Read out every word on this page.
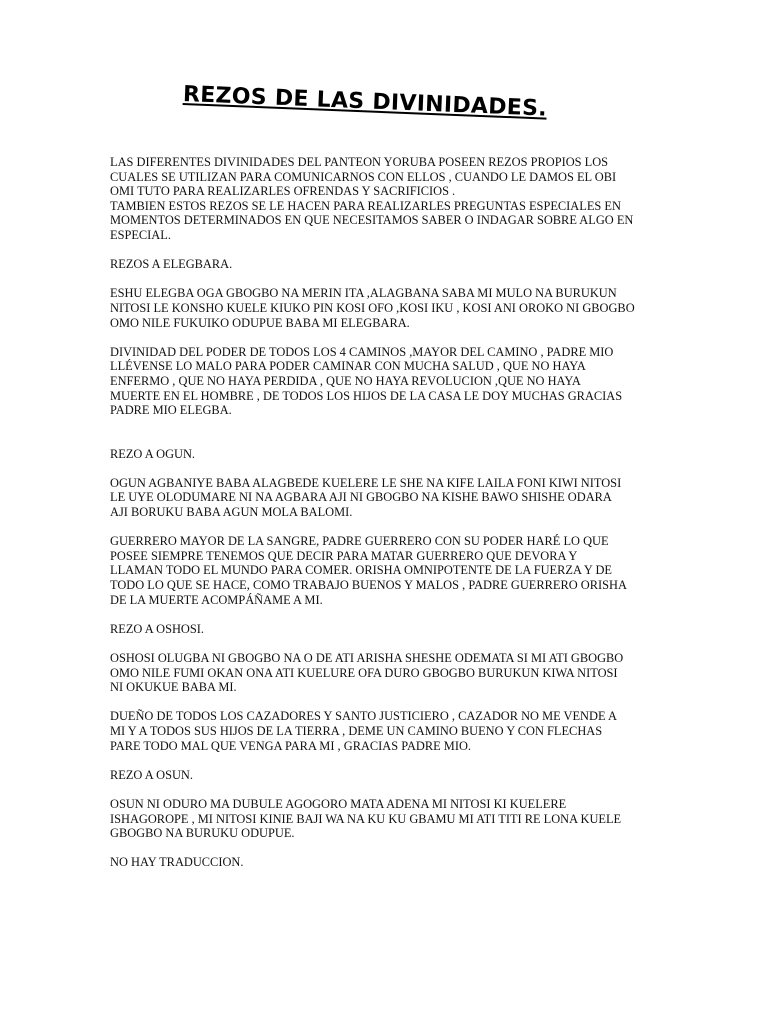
REZOS DE LAS DIVINIDADES.

LAS DIFERENTES DIVINIDADES DEL PANTEON YORUBA POSEEN REZOS PROPIOS LOS
CUALES SE UTILIZAN PARA COMUNICARNOS CON ELLOS , CUANDO LE DAMOS EL OBI
OMI TUTO PARA REALIZARLES OFRENDAS Y SACRIFICIOS .
TAMBIEN ESTOS REZOS SE LE HACEN PARA REALIZARLES PREGUNTAS ESPECIALES EN
MOMENTOS DETERMINADOS EN QUE NECESITAMOS SABER O INDAGAR SOBRE ALGO EN
ESPECIAL.

REZOS A ELEGBARA.

ESHU ELEGBA OGA GBOGBO NA MERIN ITA ,ALAGBANA SABA MI MULO NA BURUKUN
NITOSI LE KONSHO KUELE KIUKO PIN KOSI OFO ,KOSI IKU , KOSI ANI OROKO NI GBOGBO
OMO NILE FUKUIKO ODUPUE BABA MI ELEGBARA.

DIVINIDAD DEL PODER DE TODOS LOS 4 CAMINOS ,MAYOR DEL CAMINO , PADRE MIO
LLÉVENSE LO MALO PARA PODER CAMINAR CON MUCHA SALUD , QUE NO HAYA
ENFERMO , QUE NO HAYA PERDIDA , QUE NO HAYA REVOLUCION ,QUE NO HAYA
MUERTE EN EL HOMBRE , DE TODOS LOS HIJOS DE LA CASA LE DOY MUCHAS GRACIAS
PADRE MIO ELEGBA.

REZO A OGUN.

OGUN AGBANIYE BABA ALAGBEDE KUELERE LE SHE NA KIFE LAILA FONI KIWI NITOSI
LE UYE OLODUMARE NI NA AGBARA AJI NI GBOGBO NA KISHE BAWO SHISHE ODARA
AJI BORUKU BABA AGUN MOLA BALOMI.

GUERRERO MAYOR DE LA SANGRE, PADRE GUERRERO CON SU PODER HARÉ LO QUE
POSEE SIEMPRE TENEMOS QUE DECIR PARA MATAR GUERRERO QUE DEVORA Y
LLAMAN TODO EL MUNDO PARA COMER. ORISHA OMNIPOTENTE DE LA FUERZA Y DE
TODO LO QUE SE HACE, COMO TRABAJO BUENOS Y MALOS , PADRE GUERRERO ORISHA
DE LA MUERTE ACOMPÁÑAME A MI.

REZO A OSHOSI.

OSHOSI OLUGBA NI GBOGBO NA O DE ATI ARISHA SHESHE ODEMATA SI MI ATI GBOGBO
OMO NILE FUMI OKAN ONA ATI KUELURE OFA DURO GBOGBO BURUKUN KIWA NITOSI
NI OKUKUE BABA MI.

DUEÑO DE TODOS LOS CAZADORES Y SANTO JUSTICIERO , CAZADOR NO ME VENDE A
MI Y A TODOS SUS HIJOS DE LA TIERRA , DEME UN CAMINO BUENO Y CON FLECHAS
PARE TODO MAL QUE VENGA PARA MI , GRACIAS PADRE MIO.

REZO A OSUN.

OSUN NI ODURO MA DUBULE AGOGORO MATA ADENA MI NITOSI KI KUELERE
ISHAGOROPE , MI NITOSI KINIE BAJI WA NA KU KU GBAMU MI ATI TITI RE LONA KUELE
GBOGBO NA BURUKU ODUPUE.

NO HAY TRADUCCION.
